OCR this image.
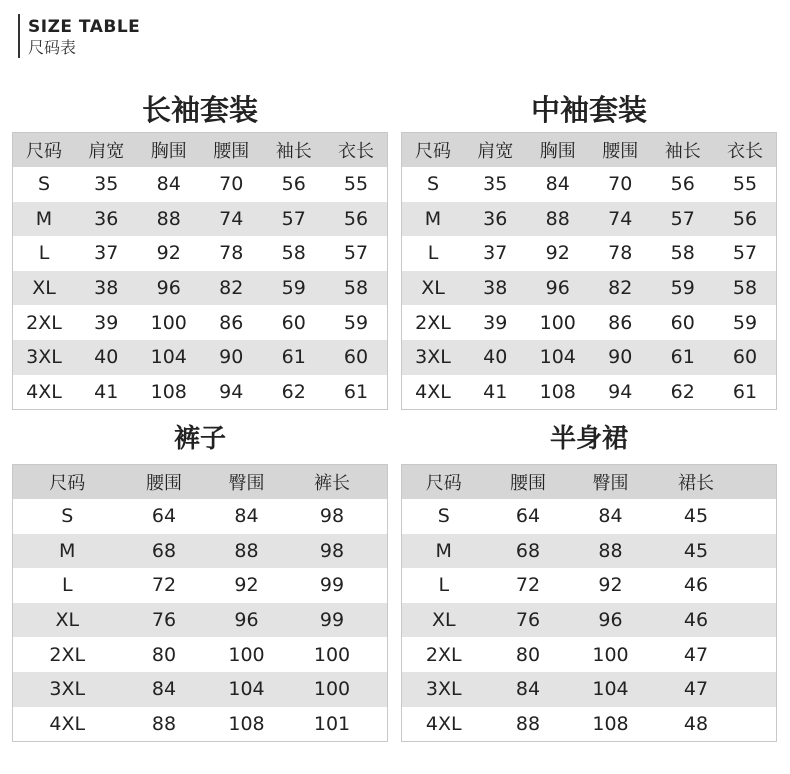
SIZE TABLE
尺码表
长袖套装
尺码	肩宽	胸围	腰围	袖长	衣长
S	35	84	70	56	55
M	36	88	74	57	56
L	37	92	78	58	57
XL	38	96	82	59	58
2XL	39	100	86	60	59
3XL	40	104	90	61	60
4XL	41	108	94	62	61
中袖套装
尺码	肩宽	胸围	腰围	袖长	衣长
S	35	84	70	56	55
M	36	88	74	57	56
L	37	92	78	58	57
XL	38	96	82	59	58
2XL	39	100	86	60	59
3XL	40	104	90	61	60
4XL	41	108	94	62	61
裤子
尺码	腰围	臀围	裤长	
S	64	84	98	
M	68	88	98	
L	72	92	99	
XL	76	96	99	
2XL	80	100	100	
3XL	84	104	100	
4XL	88	108	101	
半身裙
尺码	腰围	臀围	裙长	
S	64	84	45	
M	68	88	45	
L	72	92	46	
XL	76	96	46	
2XL	80	100	47	
3XL	84	104	47	
4XL	88	108	48	
